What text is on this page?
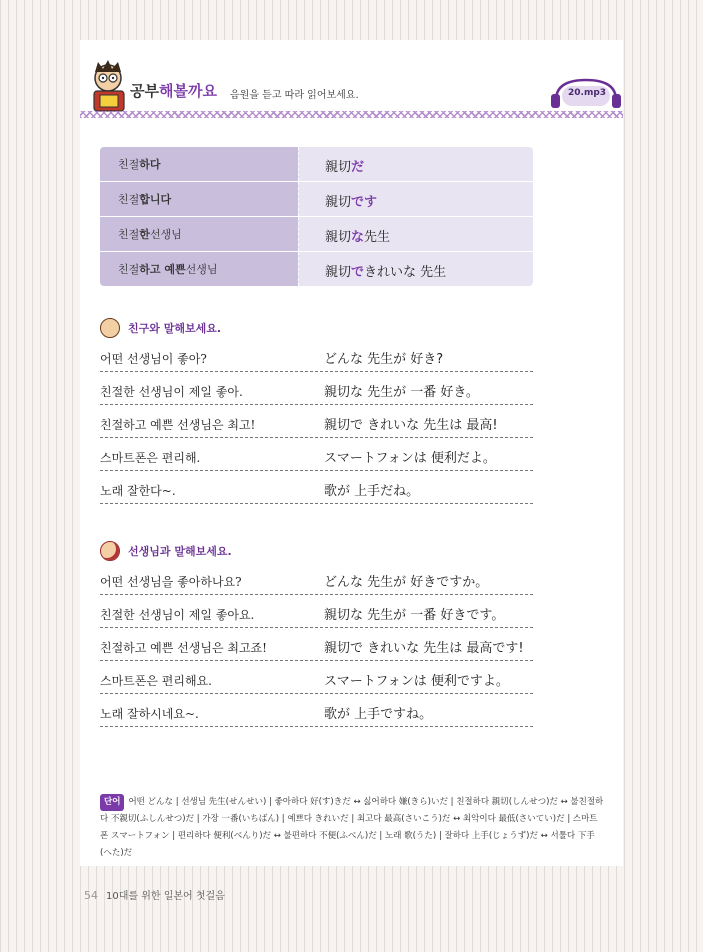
공부해볼까요 음원을 듣고 따라 읽어보세요.	20.mp3
친절 하다	親切 だ
친절 합니다	親切 です
친절 한 선생님	親切 な 先生
친절 하고 예쁜 선생님	親切 で きれいな 先生
친구와 말해보세요.
어떤 선생님이 좋아?	どんな 先生が 好き?
친절한 선생님이 제일 좋아.	親切な 先生が 一番 好き。
친절하고 예쁜 선생님은 최고!	親切で きれいな 先生は 最高!
스마트폰은 편리해.	スマートフォンは 便利だよ。
노래 잘한다~.	歌が 上手だね。
선생님과 말해보세요.
어떤 선생님을 좋아하나요?	どんな 先生が 好きですか。
친절한 선생님이 제일 좋아요.	親切な 先生が 一番 好きです。
친절하고 예쁜 선생님은 최고죠!	親切で きれいな 先生は 最高です!
스마트폰은 편리해요.	スマートフォンは 便利ですよ。
노래 잘하시네요~.	歌が 上手ですね。
단어 어떤 どんな | 선생님 先生(せんせい) | 좋아하다 好(す)きだ ↔ 싫어하다 嫌(きら)いだ | 친절하다 親切(しんせつ)だ ↔ 불친절하다 不親切(ふしんせつ)だ | 가장 一番(いちばん) | 예쁘다 きれいだ | 최고다 最高(さいこう)だ ↔ 최악이다 最低(さいてい)だ | 스마트폰 スマートフォン | 편리하다 便利(べんり)だ ↔ 불편하다 不便(ふべん)だ | 노래 歌(うた) | 잘하다 上手(じょうず)だ ↔ 서툴다 下手(へた)だ
54 10대를 위한 일본어 첫걸음
